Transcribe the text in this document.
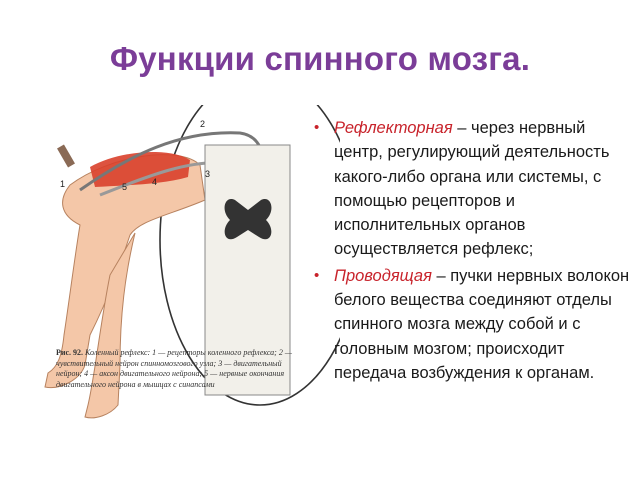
Функции спинного мозга.
2
3
1	5	4
Рис. 92. Коленный рефлекс: 1 — рецепторы коленного рефлекса; 2 — чувствительный нейрон спинномозгового узла; 3 — двигательный нейрон; 4 — аксон двигательного нейрона; 5 — нервные окончания двигательного нейрона в мышцах с синапсами
• Рефлекторная – через нервный центр, регулирующий деятельность какого-либо органа или системы, с помощью рецепторов и исполнительных органов осуществляется рефлекс;
• Проводящая – пучки нервных волокон белого вещества соединяют отделы спинного мозга между собой и с головным мозгом; происходит передача возбуждения к органам.
